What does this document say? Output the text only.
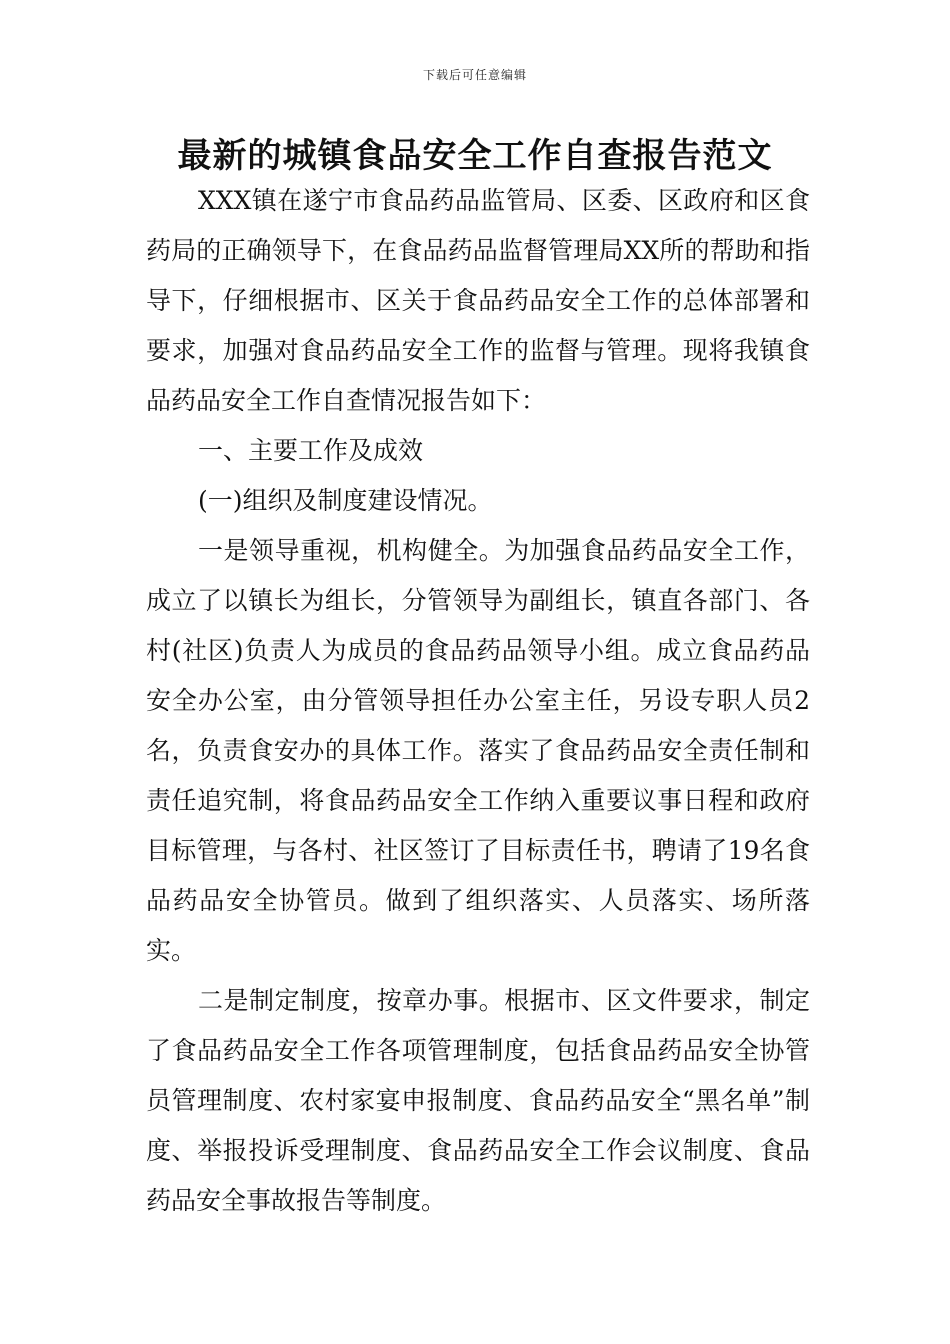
下载后可任意编辑
最新的城镇食品安全工作自查报告范文

XXX镇在遂宁市食品药品监管局、区委、区政府和区食药局的正确领导下，在食品药品监督管理局XX所的帮助和指导下，仔细根据市、区关于食品药品安全工作的总体部署和要求，加强对食品药品安全工作的监督与管理。现将我镇食品药品安全工作自查情况报告如下：

一、主要工作及成效

(一)组织及制度建设情况。

一是领导重视，机构健全。为加强食品药品安全工作，成立了以镇长为组长，分管领导为副组长，镇直各部门、各村(社区)负责人为成员的食品药品领导小组。成立食品药品安全办公室，由分管领导担任办公室主任，另设专职人员2名，负责食安办的具体工作。落实了食品药品安全责任制和责任追究制，将食品药品安全工作纳入重要议事日程和政府目标管理，与各村、社区签订了目标责任书，聘请了19名食品药品安全协管员。做到了组织落实、人员落实、场所落实。

二是制定制度，按章办事。根据市、区文件要求，制定了食品药品安全工作各项管理制度，包括食品药品安全协管员管理制度、农村家宴申报制度、食品药品安全“黑名单”制度、举报投诉受理制度、食品药品安全工作会议制度、食品药品安全事故报告等制度。
